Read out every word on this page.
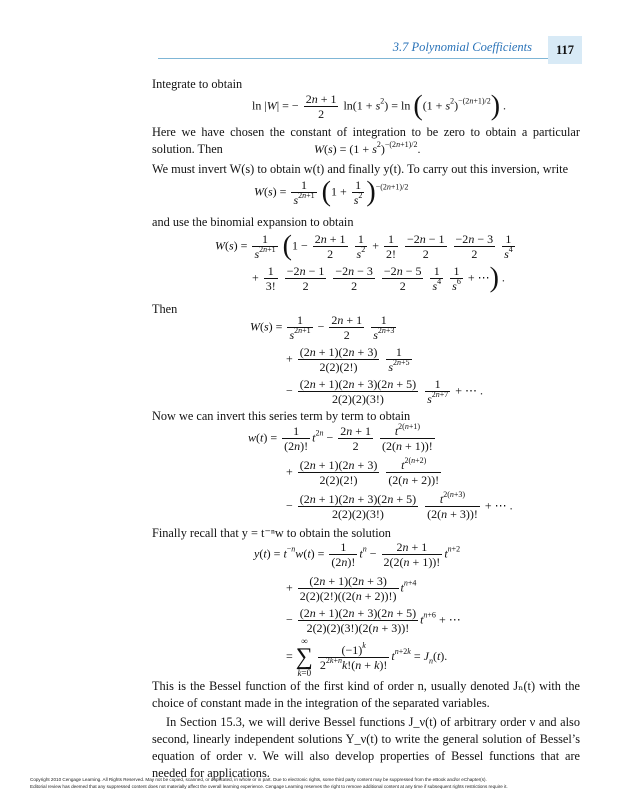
3.7 Polynomial Coefficients	117
Integrate to obtain
ln |W| = − $\frac{2n + 1}{2} \ln(1 + s^2) = \ln ((1 + s^2)^{-(2n+1)/2})$ .
Here we have chosen the constant of integration to be zero to obtain a particular solution. Then	$W(s) = (1 + s^2)^{-(2n+1)/2}$.
We must invert W(s) to obtain w(t) and finally y(t). To carry out this inversion, write
$W(s) = \frac{1}{s^{2n+1}} (1 + \frac{1}{s^2} )^{-(2n+1)/2}$
and use the binomial expansion to obtain
$W(s) = \frac{1}{s^{2n+1}} (1 - \frac{2n + 1}{2}$
$\frac{1}{s^2} + \frac{1}{2!}$
$\frac{-2n - 1}{2}$
$\frac{-2n - 3}{2}$
$\frac{1}{s^4}$
+ $\frac{1}{3!}$
$\frac{-2n - 1}{2}$
$\frac{-2n - 3}{2}$
$\frac{-2n - 5}{2}$
$\frac{1}{s^4}$
$\frac{1}{s^6}$ + ⋯) .
Then
$W(s) = \frac{1}{s^{2n+1}} - \frac{2n + 1}{2}$
$\frac{1}{s^{2n+3}}$
+ $\frac{(2n + 1)(2n + 3)}{2(2)(2!)}$
$\frac{1}{s^{2n+5}}$
− $\frac{(2n + 1)(2n + 3)(2n + 5)}{2(2)(2)(3!)}$
$\frac{1}{s^{2n+7}}$ + ⋯ .
Now we can invert this series term by term to obtain
$w(t) = \frac{1}{(2n)!} t^{2n} - \frac{2n + 1}{2}$
$\frac{t^{2(n+1)}}{(2(n + 1))!}$
+ $\frac{(2n + 1)(2n + 3)}{2(2)(2!)}$
$\frac{t^{2(n+2)}}{(2(n + 2))!}$
− $\frac{(2n + 1)(2n + 3)(2n + 5)}{2(2)(2)(3!)}$
$\frac{t^{2(n+3)}}{(2(n + 3))!}$ + ⋯ .
Finally recall that y = t⁻ⁿw to obtain the solution
$y(t) = t^{-n}w(t) = \frac{1}{(2n)!} t^n - \frac{2n + 1}{2(2(n + 1))!} t^{n+2}$
+ $\frac{(2n + 1)(2n + 3)}{2(2)(2!)((2(n + 2))!)} t^{n+4}$
− $\frac{(2n + 1)(2n + 3)(2n + 5)}{2(2)(2)(3!)(2(n + 3))!} t^{n+6}$ + ⋯
= ∞
∑
k=0
$\frac{(-1)^k}{2^{2k+n}k!(n + k)!} t^{n+2k} = J_n(t)$.
This is the Bessel function of the first kind of order n, usually denoted Jₙ(t) with the choice of constant made in the integration of the separated variables.
In Section 15.3, we will derive Bessel functions J_ν(t) of arbitrary order ν and also second, linearly independent solutions Y_ν(t) to write the general solution of Bessel’s equation of order ν. We will also develop properties of Bessel functions that are needed for applications.
Copyright 2010 Cengage Learning. All Rights Reserved. May not be copied, scanned, or duplicated, in whole or in part. Due to electronic rights, some third party content may be suppressed from the eBook and/or eChapter(s).
Editorial review has deemed that any suppressed content does not materially affect the overall learning experience. Cengage Learning reserves the right to remove additional content at any time if subsequent rights restrictions require it.
